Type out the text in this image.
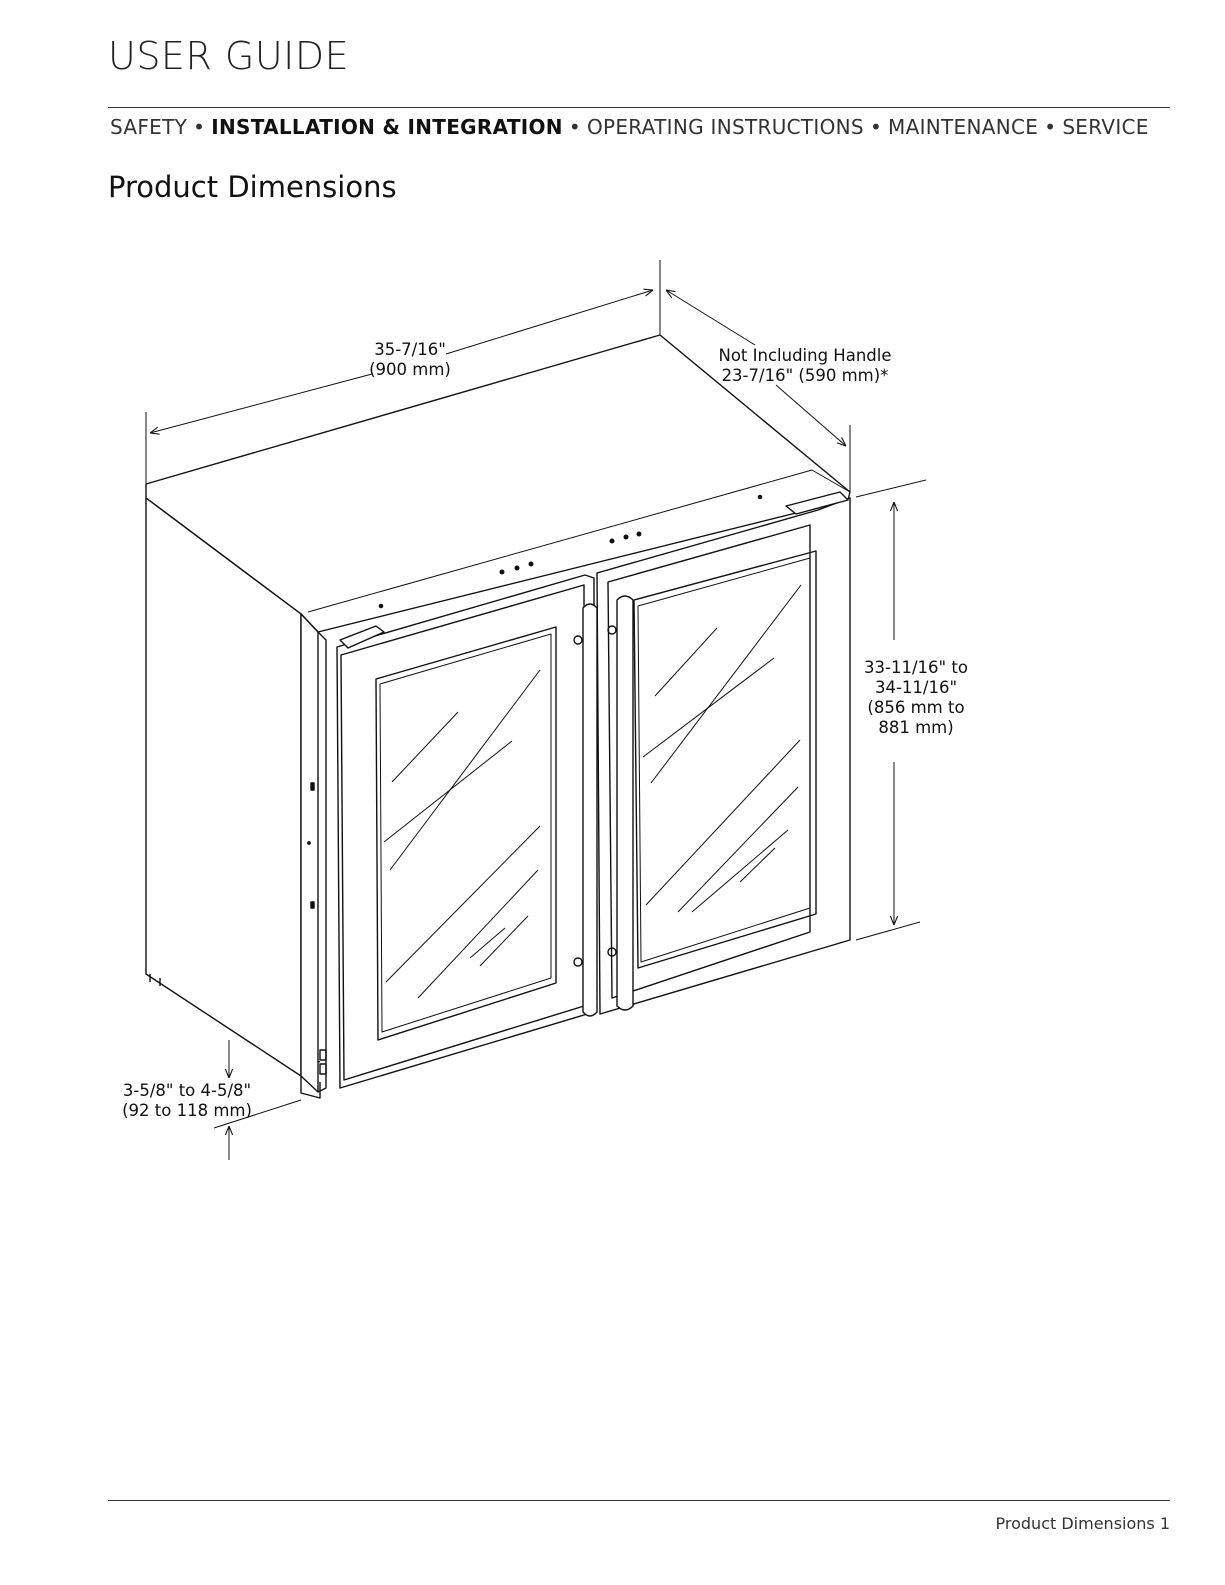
USER GUIDE
SAFETY • INSTALLATION & INTEGRATION • OPERATING INSTRUCTIONS • MAINTENANCE • SERVICE
Product Dimensions
35-7/16"
(900 mm)
Not Including Handle
23-7/16" (590 mm)*
33-11/16" to
34-11/16"
(856 mm to
881 mm)
3-5/8" to 4-5/8"
(92 to 118 mm)
Product Dimensions 1
